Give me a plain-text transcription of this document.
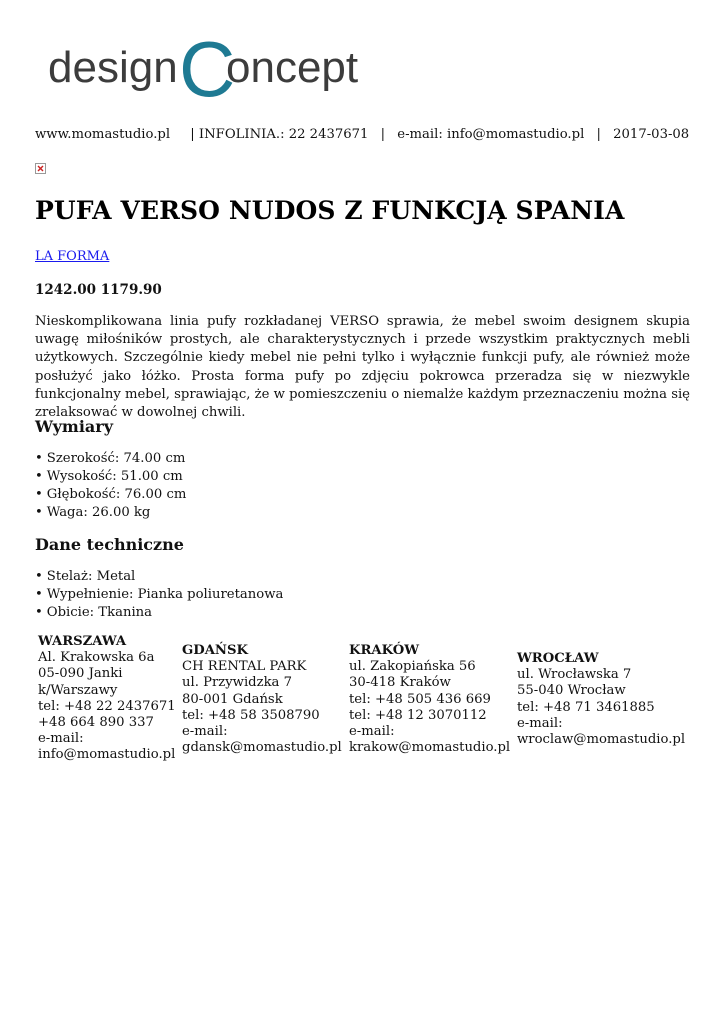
design C
oncept
www.momastudio.pl | INFOLINIA.: 22 2437671 | e-mail: info@momastudio.pl | 2017-03-08
PUFA VERSO NUDOS Z FUNKCJĄ SPANIA
LA FORMA
1242.00 1179.90

Nieskomplikowana linia pufy rozkładanej VERSO sprawia, że mebel swoim designem skupia uwagę miłośników prostych, ale charakterystycznych i przede wszystkim praktycznych mebli użytkowych. Szczególnie kiedy mebel nie pełni tylko i wyłącznie funkcji pufy, ale również może posłużyć jako łóżko. Prosta forma pufy po zdjęciu pokrowca przeradza się w niezwykle funkcjonalny mebel, sprawiając, że w pomieszczeniu o niemalże każdym przeznaczeniu można się zrelaksować w dowolnej chwili.

Wymiary
• Szerokość: 74.00 cm
• Wysokość: 51.00 cm
• Głębokość: 76.00 cm
• Waga: 26.00 kg
Dane techniczne
• Stelaż: Metal
• Wypełnienie: Pianka poliuretanowa
• Obicie: Tkanina
WARSZAWA
Al. Krakowska 6a
05-090 Janki
k/Warszawy
tel: +48 22 2437671
+48 664 890 337
e-mail:
info@momastudio.pl
GDAŃSK
CH RENTAL PARK
ul. Przywidzka 7
80-001 Gdańsk
tel: +48 58 3508790
e-mail:
gdansk@momastudio.pl
KRAKÓW
ul. Zakopiańska 56
30-418 Kraków
tel: +48 505 436 669
tel: +48 12 3070112
e-mail:
krakow@momastudio.pl
WROCŁAW
ul. Wrocławska 7
55-040 Wrocław
tel: +48 71 3461885
e-mail:
wroclaw@momastudio.pl
